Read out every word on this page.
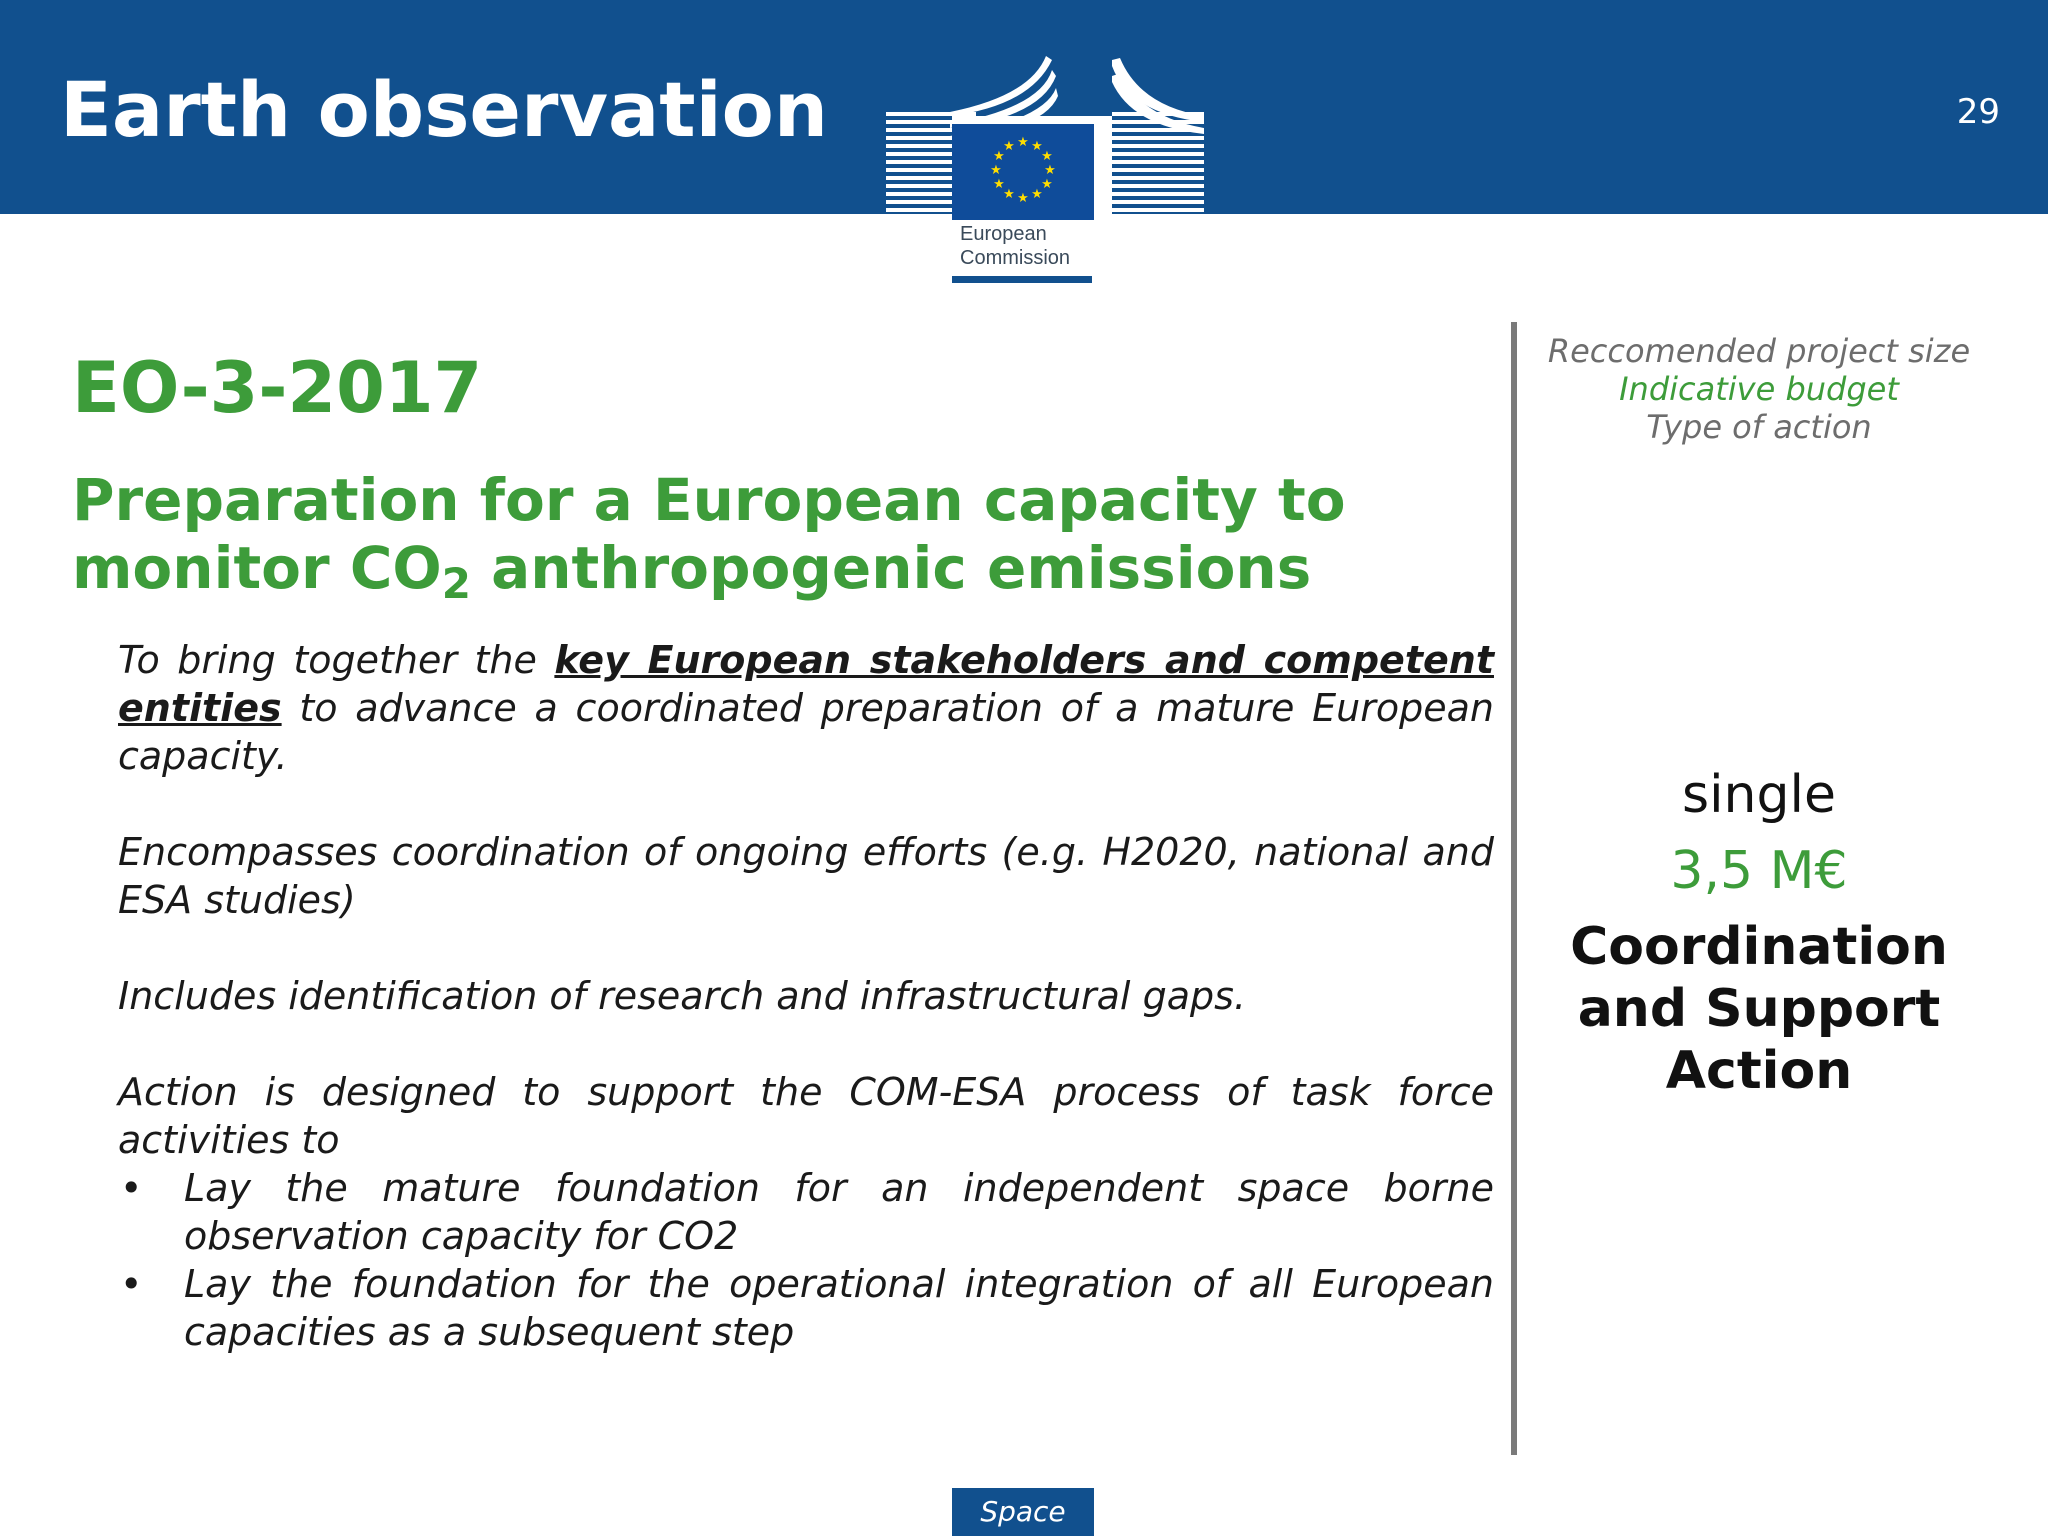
Earth observation	29
★ ★
★
★
★
★
★
★
★
★
★
★
European
Commission
EO-3-2017
Preparation for a European capacity to
monitor CO2 anthropogenic emissions

To bring together the key European stakeholders and competent entities to advance a coordinated preparation of a mature European capacity.

Encompasses coordination of ongoing efforts (e.g. H2020, national and ESA studies)

Includes identification of research and infrastructural gaps.

Action is designed to support the COM-ESA process of task force activities to

• Lay the mature foundation for an independent space borne observation capacity for CO2
• Lay the foundation for the operational integration of all European capacities as a subsequent step
Reccomended project size
Indicative budget
Type of action
single
3,5 M€
Coordination
and Support
Action
Space
